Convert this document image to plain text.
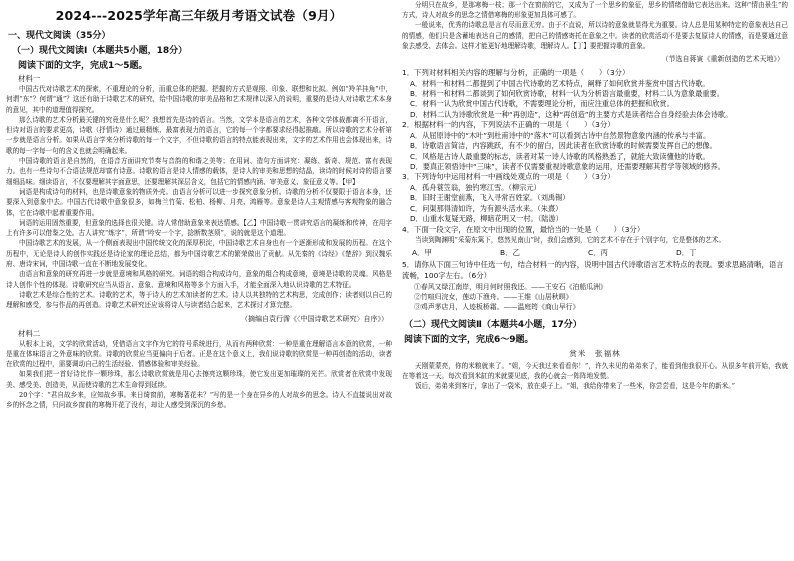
2024---2025学年高三年级月考语文试卷（9月）
一、现代文阅读（35分）
（一）现代文阅读Ⅰ（本题共5小题，18分）
阅读下面的文字，完成1～5题。
材料一

中国古代对诗歌艺术的探索，不重理论的分析，而重总体的把握。把握的方式是观照、印象、联想和比拟。例如“羚羊挂角”中，何谓“东”？何谓“通”？这还有助于诗歌艺术的研究，给中国诗歌的审美品格和艺术规律以深入的说明，重要的是诗人对诗歌艺术本身的意见，其中的道理值得探究。

那么诗歌的艺术分析最关键的究竟是什么呢？我想首先是诗的语言。当然，文学本是语言的艺术，各种文学体裁都离不开语言，但诗对语言的要求更高，诗歌（抒情诗）通过最精炼、最富表现力的语言，它的每一个字都要求经得起推敲。所以诗歌的艺术分析第一步就是语言分析。如果从语言学来分析诗歌的每一个文字，不但诗歌的语言的特点能表现出来，文字的艺术作用也会体现出来，诗歌的每一字每一句的含义也就会明确起来。

中国诗歌的语言是自然的，在语音方面讲究节奏与音韵的和谐之美等；在用词、造句方面讲究：凝练、新奇、规范、富有表现力。也有一些诗句不合语法规范却富有诗意。诗歌的语言是诗人情感的载体，是诗人的审美和思想的结晶，读诗的时候对诗的语言要细细品味。细读语言，不仅要理解其字面意思，还要理解其深层含义，包括它的情感内涵、审美意义、象征意义等。【甲】

词语是构成诗句的材料，也是诗歌意象的物质外壳。由语言分析可以进一步探究意象分析。诗歌的分析不仅要限于语言本身，还要深入到意象中去。中国古代诗歌中意象很多，如梅兰竹菊、松柏、杨柳、月亮、鸿雁等。意象是诗人主观情感与客观物象的融合体，它在诗歌中起着重要作用。

词语的运用固然重要，但意象的选择也很关键。诗人常借助意象来表达情感。【乙】中国诗歌一贯讲究语言的凝练和传神，在用字上有许多可以借鉴之处。古人讲究“炼字”，所谓“吟安一个字，捻断数茎须”，说的就是这个道理。

中国诗歌艺术的发展，从一个侧面表现出中国传统文化的深厚积淀，中国诗歌艺术自身也有一个逐渐形成和发展的历程。在这个历程中，无论是诗人的创作实践还是诗论家的理论总结，都为中国诗歌艺术的繁荣做出了贡献。从先秦的《诗经》《楚辞》到汉魏乐府、唐诗宋词，中国诗歌一直在不断地发展变化。

由语言和意象的研究再进一步就是意境和风格的研究。词语的组合构成诗句，意象的组合构成意境，意境是诗歌的灵魂。风格是诗人创作个性的体现。诗歌研究应当从语言、意象、意境和风格等多个方面入手，才能全面深入地认识诗歌的艺术特征。

诗歌艺术是综合性的艺术。诗歌的艺术，等于诗人的艺术加读者的艺术。诗人以其独特的艺术构思，完成创作；读者则以自己的理解和感受，参与作品的再创造。诗歌艺术研究还应该将诗人与读者结合起来，艺术探讨才算完整。

（摘编自袁行霈《〈中国诗歌艺术研究〉自序》）
材料二

从根本上说，文学的欣赏活动，凭借语言文字作为它的符号系统进行，从而有两种欣赏：一种是重在理解语言本意的欣赏，一种是重在体味语言之外意味的欣赏。诗歌的欣赏应当更偏向于后者。正是在这个意义上，我们说诗歌的欣赏是一种再创造的活动，读者在欣赏的过程中，需要调动自己的生活经验、情感体验和审美经验。

如果我们把一首好诗比作一颗珍珠，那么诗歌欣赏就是用心去擦亮这颗珍珠，使它发出更加璀璨的光芒。欣赏者在欣赏中发现美、感受美、创造美，从而使诗歌的艺术生命得到延续。

20个字：“君自故乡来，应知故乡事。来日绮窗前，寒梅著花未？”写的是一个身在异乡的人对故乡的思念。诗人不直接说出对故乡的怀念之情，只问故乡窗前的寒梅开花了没有，却让人感受到深沉的乡愁。

分明只在故乡，是那寒梅一枝；那一个在窗前的它，又成为了一个思乡的象征，思乡的情绪借助它表达出来。这种“情由景生”的方式，诗人对故乡的思念之情借寒梅的形象更加具体可感了。

一般说来，优秀的诗歌总是言有尽而意无穷。由于不直说，所以诗的意象就显得尤为重要。诗人总是用某种特定的意象表达自己的情感，他们只是含蓄地表达自己的感情，把自己的情感寄托在意象之中。读者的欣赏活动不是要去复原诗人的情感，而是要通过意象去感受、去体会。这样才能更好地理解诗歌，理解诗人。【丁】要把握诗歌的意象。

（节选自蒋寅《重新创造的艺术天地》）
1．下列对材料相关内容的理解与分析，正确的一项是（　　）（3分）
A．材料一和材料二都提到了中国古代诗歌的艺术特点，阐释了如何欣赏并鉴赏中国古代诗歌。
B．材料一和材料二都谈到了如何欣赏诗歌，材料一认为分析语言最重要，材料二认为意象最重要。
C．材料一认为欣赏中国古代诗歌，不需要理论分析，而应注重总体的把握和欣赏。
D．材料二认为诗歌欣赏是一种“再创造”，这种“再创造”的主要方式是读者结合自身经验去体会诗歌。
2．根据材料一的内容，下列说法不正确的一项是（　　）（3分）
A．从屈原诗中的“木叶”到杜甫诗中的“落木”可以看到古诗中自然景物意象内涵的传承与丰富。
B．诗歌语言简洁，内容跳跃，有不少的留白，因此读者在欣赏诗歌的时候需要发挥自己的想像。
C．风格是古诗人最重要的标志，读者对某一诗人诗歌的风格熟悉了，就能大致读懂他的诗歌。
D．要真正领悟诗中“三味”，读者不仅需要重视诗歌意象的运用，还需要理解其哲学等领域的修养。
3．下列诗句中运用材料一中画线处观点的一项是（　　）（3分）
A．孤舟蓑笠翁，独钓寒江雪。（柳宗元）
B．旧时王谢堂前燕，飞入寻常百姓家。（刘禹锡）
C．问渠那得清如许，为有源头活水来。（朱熹）
D．山重水复疑无路，柳暗花明又一村。（陆游）
4．下面一段文字，在原文中出现的位置，最恰当的一处是（　　）（3分）

当读到陶渊明“采菊东篱下，悠然见南山”时，我们会感到，它的艺术不存在于个别字句，它是整体的艺术。

A．甲	B．乙	C．丙	D．丁
5．请你从下面三句诗中任选一句，结合材料一的内容，说明中国古代诗歌语言艺术特点的表现。要求思路清晰，语言流畅，100字左右。（6分）
①春风又绿江南岸，明月何时照我还。——王安石《泊船瓜洲》
②竹喧归浣女，莲动下渔舟。——王维《山居秋暝》
③鸡声茅店月，人迹板桥霜。——温庭筠《商山早行》
（二）现代文阅读Ⅱ（本题共4小题，17分）
阅读下面的文字，完成6～9题。
赏米　张福林

天刚蒙蒙亮，你的米粮就来了。“姐，今天我过来看看你！”，许久未见的弟弟来了，能看到他我很开心。从很多年前开始，我就在等着这一天。每次看到米缸的米就要见底，我的心就会一阵阵地发慌。

饭后，弟弟来到客厅，拿出了一袋米，放在桌子上。“姐，我给你带来了一些米，你尝尝看，这是今年的新米。”
